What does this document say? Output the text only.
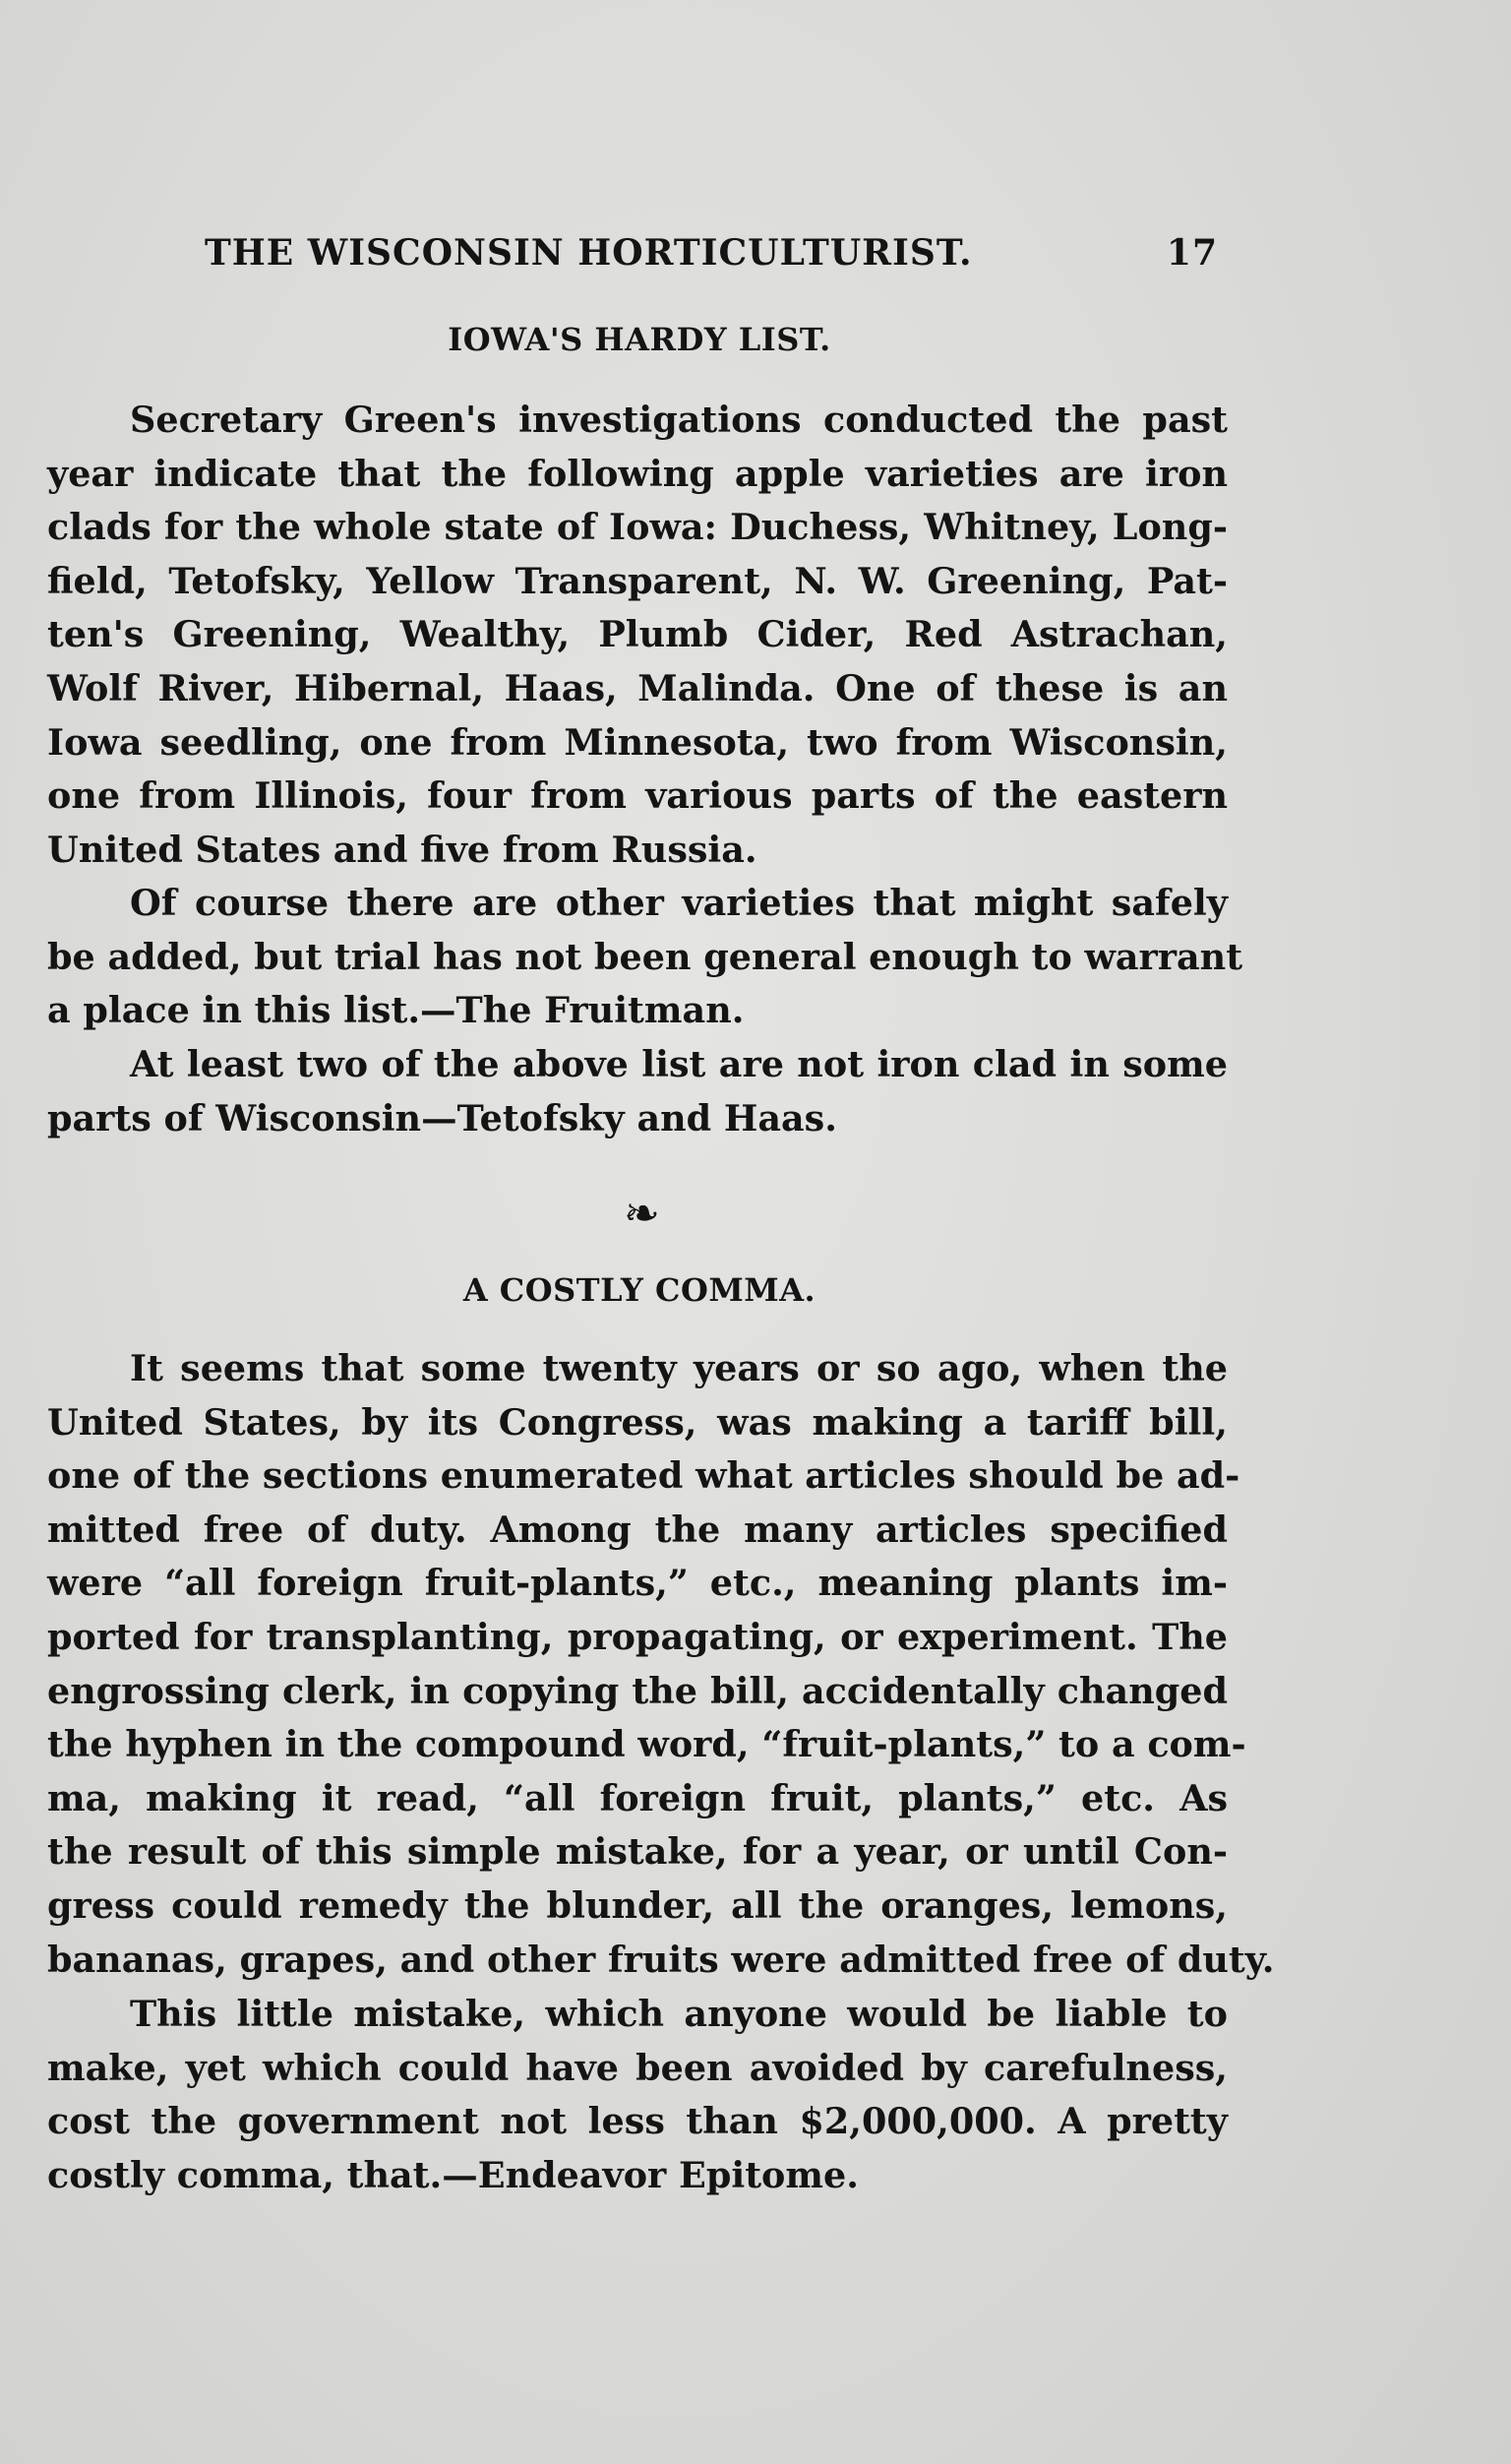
THE WISCONSIN HORTICULTURIST.	17
IOWA'S HARDY LIST.
Secretary Green's investigations conducted the past
year indicate that the following apple varieties are iron
clads for the whole state of Iowa: Duchess, Whitney, Long-
field, Tetofsky, Yellow Transparent, N. W. Greening, Pat-
ten's Greening, Wealthy, Plumb Cider, Red Astrachan,
Wolf River, Hibernal, Haas, Malinda. One of these is an
Iowa seedling, one from Minnesota, two from Wisconsin,
one from Illinois, four from various parts of the eastern
United States and five from Russia.
Of course there are other varieties that might safely
be added, but trial has not been general enough to warrant
a place in this list.—The Fruitman.
At least two of the above list are not iron clad in some
parts of Wisconsin—Tetofsky and Haas.
❧
A COSTLY COMMA.
It seems that some twenty years or so ago, when the
United States, by its Congress, was making a tariff bill,
one of the sections enumerated what articles should be ad-
mitted free of duty. Among the many articles specified
were “all foreign fruit-plants,” etc., meaning plants im-
ported for transplanting, propagating, or experiment. The
engrossing clerk, in copying the bill, accidentally changed
the hyphen in the compound word, “fruit-plants,” to a com-
ma, making it read, “all foreign fruit, plants,” etc. As
the result of this simple mistake, for a year, or until Con-
gress could remedy the blunder, all the oranges, lemons,
bananas, grapes, and other fruits were admitted free of duty.
This little mistake, which anyone would be liable to
make, yet which could have been avoided by carefulness,
cost the government not less than $2,000,000. A pretty
costly comma, that.—Endeavor Epitome.
